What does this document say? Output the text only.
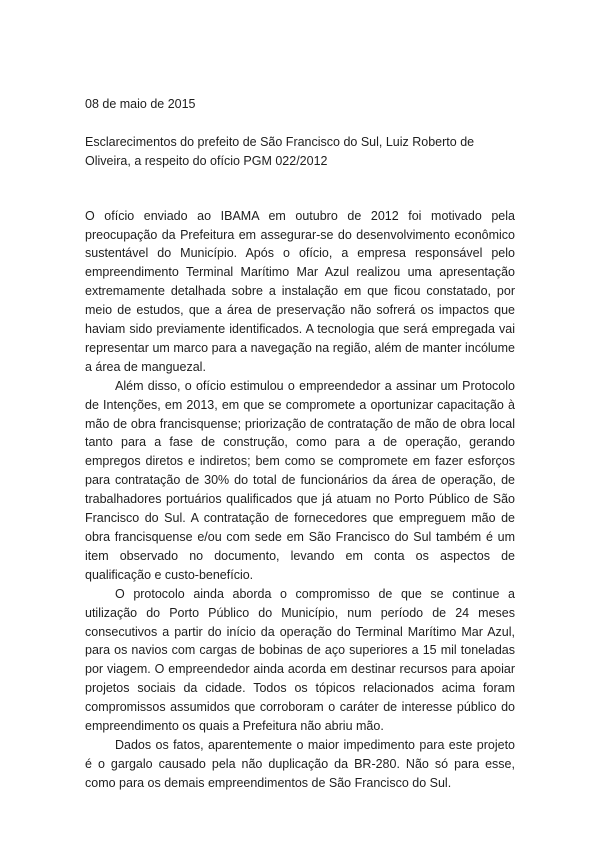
08 de maio de 2015
Esclarecimentos do prefeito de São Francisco do Sul, Luiz Roberto de Oliveira, a respeito do ofício PGM 022/2012

O ofício enviado ao IBAMA em outubro de 2012 foi motivado pela preocupação da Prefeitura em assegurar-se do desenvolvimento econômico sustentável do Município. Após o ofício, a empresa responsável pelo empreendimento Terminal Marítimo Mar Azul realizou uma apresentação extremamente detalhada sobre a instalação em que ficou constatado, por meio de estudos, que a área de preservação não sofrerá os impactos que haviam sido previamente identificados. A tecnologia que será empregada vai representar um marco para a navegação na região, além de manter incólume a área de manguezal.

Além disso, o ofício estimulou o empreendedor a assinar um Protocolo de Intenções, em 2013, em que se compromete a oportunizar capacitação à mão de obra francisquense; priorização de contratação de mão de obra local tanto para a fase de construção, como para a de operação, gerando empregos diretos e indiretos; bem como se compromete em fazer esforços para contratação de 30% do total de funcionários da área de operação, de trabalhadores portuários qualificados que já atuam no Porto Público de São Francisco do Sul. A contratação de fornecedores que empreguem mão de obra francisquense e/ou com sede em São Francisco do Sul também é um item observado no documento, levando em conta os aspectos de qualificação e custo-benefício.

O protocolo ainda aborda o compromisso de que se continue a utilização do Porto Público do Município, num período de 24 meses consecutivos a partir do início da operação do Terminal Marítimo Mar Azul, para os navios com cargas de bobinas de aço superiores a 15 mil toneladas por viagem. O empreendedor ainda acorda em destinar recursos para apoiar projetos sociais da cidade. Todos os tópicos relacionados acima foram compromissos assumidos que corroboram o caráter de interesse público do empreendimento os quais a Prefeitura não abriu mão.

Dados os fatos, aparentemente o maior impedimento para este projeto é o gargalo causado pela não duplicação da BR-280. Não só para esse, como para os demais empreendimentos de São Francisco do Sul.
